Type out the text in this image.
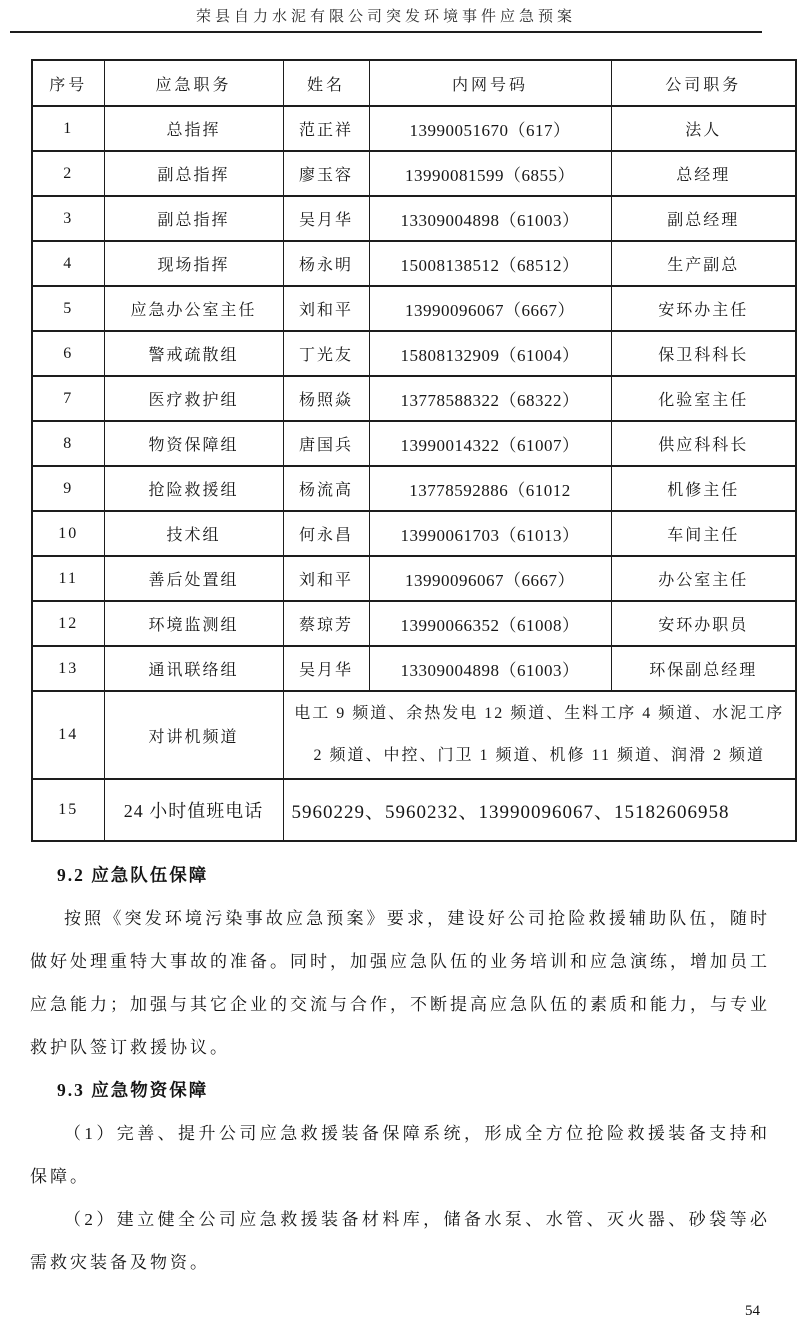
荣县自力水泥有限公司突发环境事件应急预案
序号	应急职务	姓名	内网号码	公司职务
1	总指挥	范正祥	13990051670（617）	法人
2	副总指挥	廖玉容	13990081599（6855）	总经理
3	副总指挥	吴月华	13309004898（61003）	副总经理
4	现场指挥	杨永明	15008138512（68512）	生产副总
5	应急办公室主任	刘和平	13990096067（6667）	安环办主任
6	警戒疏散组	丁光友	15808132909（61004）	保卫科科长
7	医疗救护组	杨照焱	13778588322（68322）	化验室主任
8	物资保障组	唐国兵	13990014322（61007）	供应科科长
9	抢险救援组	杨流高	13778592886（61012	机修主任
10	技术组	何永昌	13990061703（61013）	车间主任
11	善后处置组	刘和平	13990096067（6667）	办公室主任
12	环境监测组	蔡琼芳	13990066352（61008）	安环办职员
13	通讯联络组	吴月华	13309004898（61003）	环保副总经理
14	对讲机频道	电工 9 频道、余热发电 12 频道、生料工序 4 频道、水泥工序
2 频道、中控、门卫 1 频道、机修 11 频道、润滑 2 频道		

15	24 小时值班电话	5960229、5960232、13990096067、15182606958		
9.2 应急队伍保障

按照《突发环境污染事故应急预案》要求，建设好公司抢险救援辅助队伍，随时做好处理重特大事故的准备。同时，加强应急队伍的业务培训和应急演练，增加员工应急能力；加强与其它企业的交流与合作，不断提高应急队伍的素质和能力，与专业救护队签订救援协议。

9.3 应急物资保障

（1）完善、提升公司应急救援装备保障系统，形成全方位抢险救援装备支持和保障。

（2）建立健全公司应急救援装备材料库，储备水泵、水管、灭火器、砂袋等必需救灾装备及物资。

54
